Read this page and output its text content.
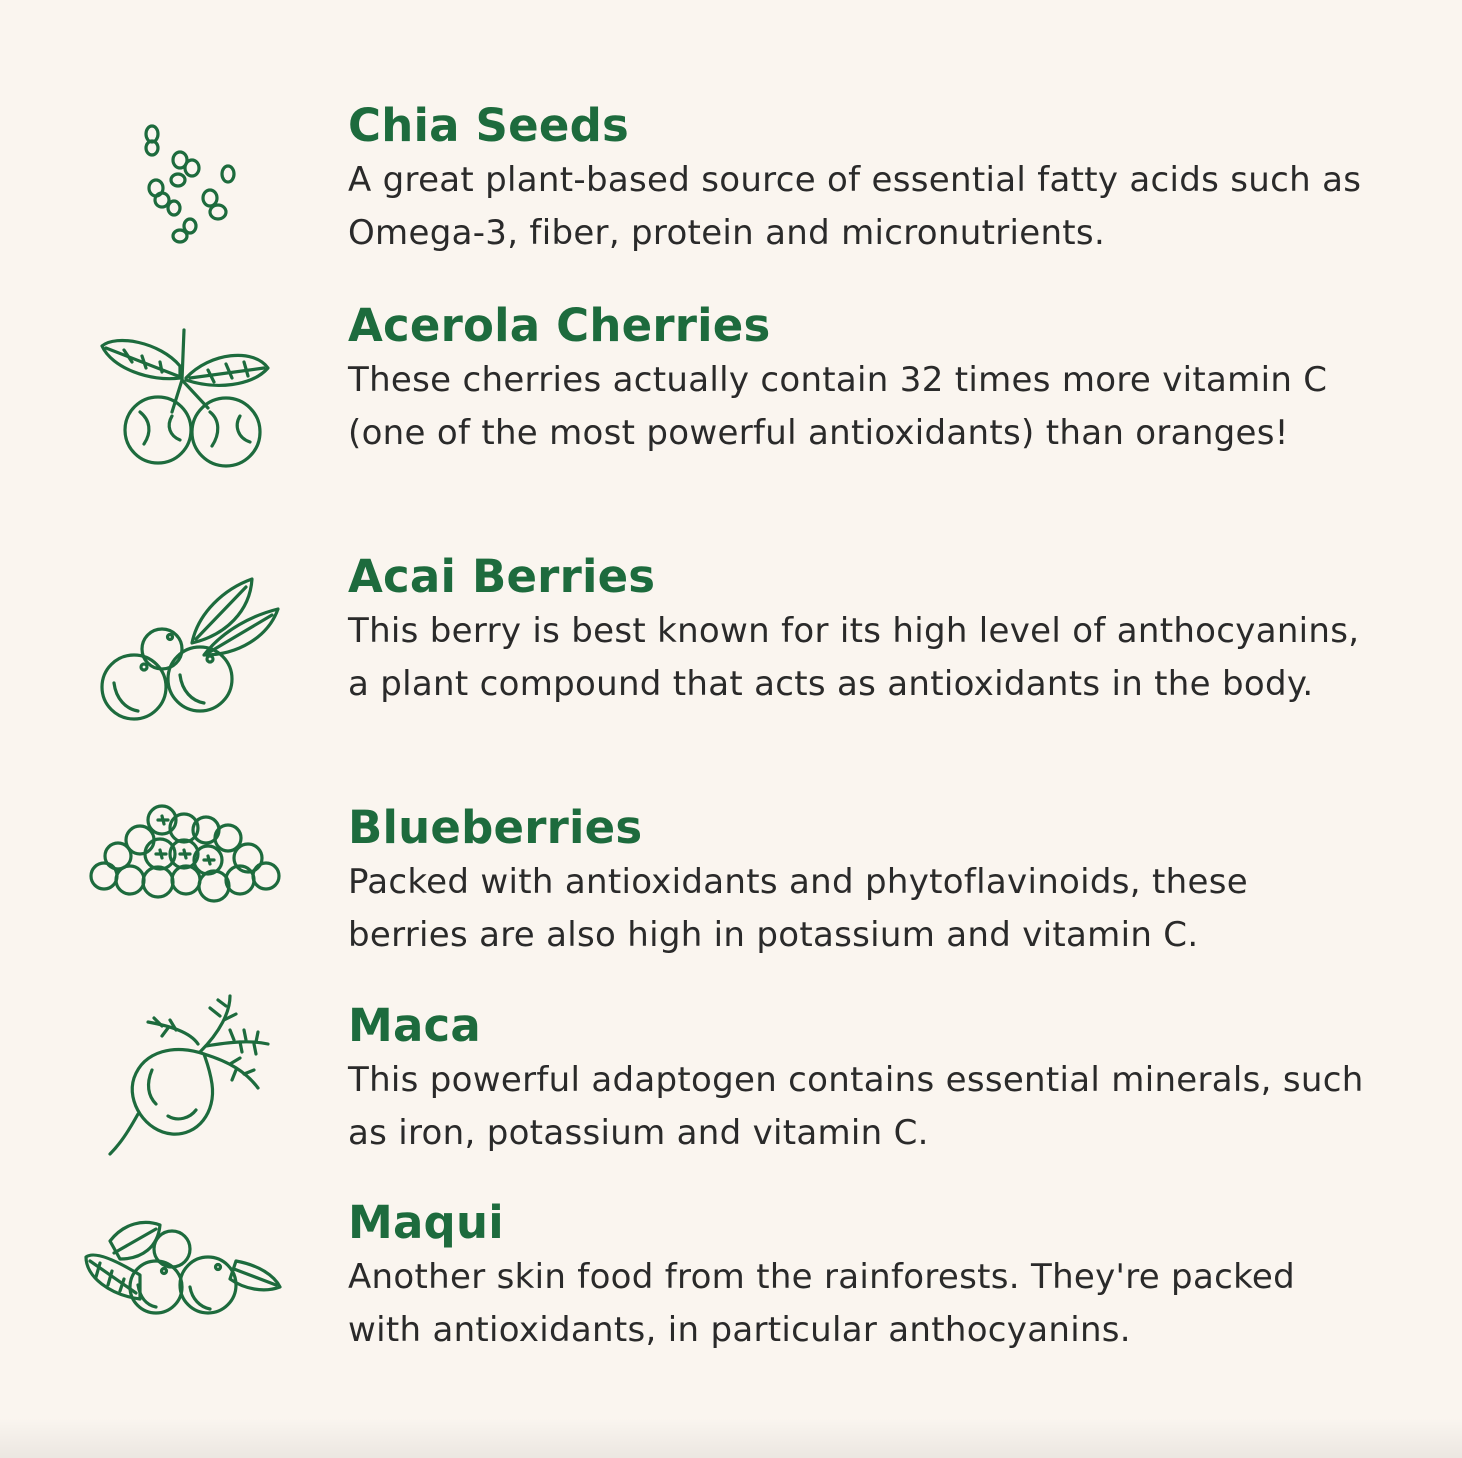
Chia Seeds

A great plant-based source of essential fatty acids such as Omega-3, fiber, protein and micronutrients.

Acerola Cherries

These cherries actually contain 32 times more vitamin C (one of the most powerful antioxidants) than oranges!

Acai Berries

This berry is best known for its high level of anthocyanins, a plant compound that acts as antioxidants in the body.

Blueberries

Packed with antioxidants and phytoflavinoids, these berries are also high in potassium and vitamin C.

Maca

This powerful adaptogen contains essential minerals, such as iron, potassium and vitamin C.

Maqui

Another skin food from the rainforests. They're packed with antioxidants, in particular anthocyanins.
